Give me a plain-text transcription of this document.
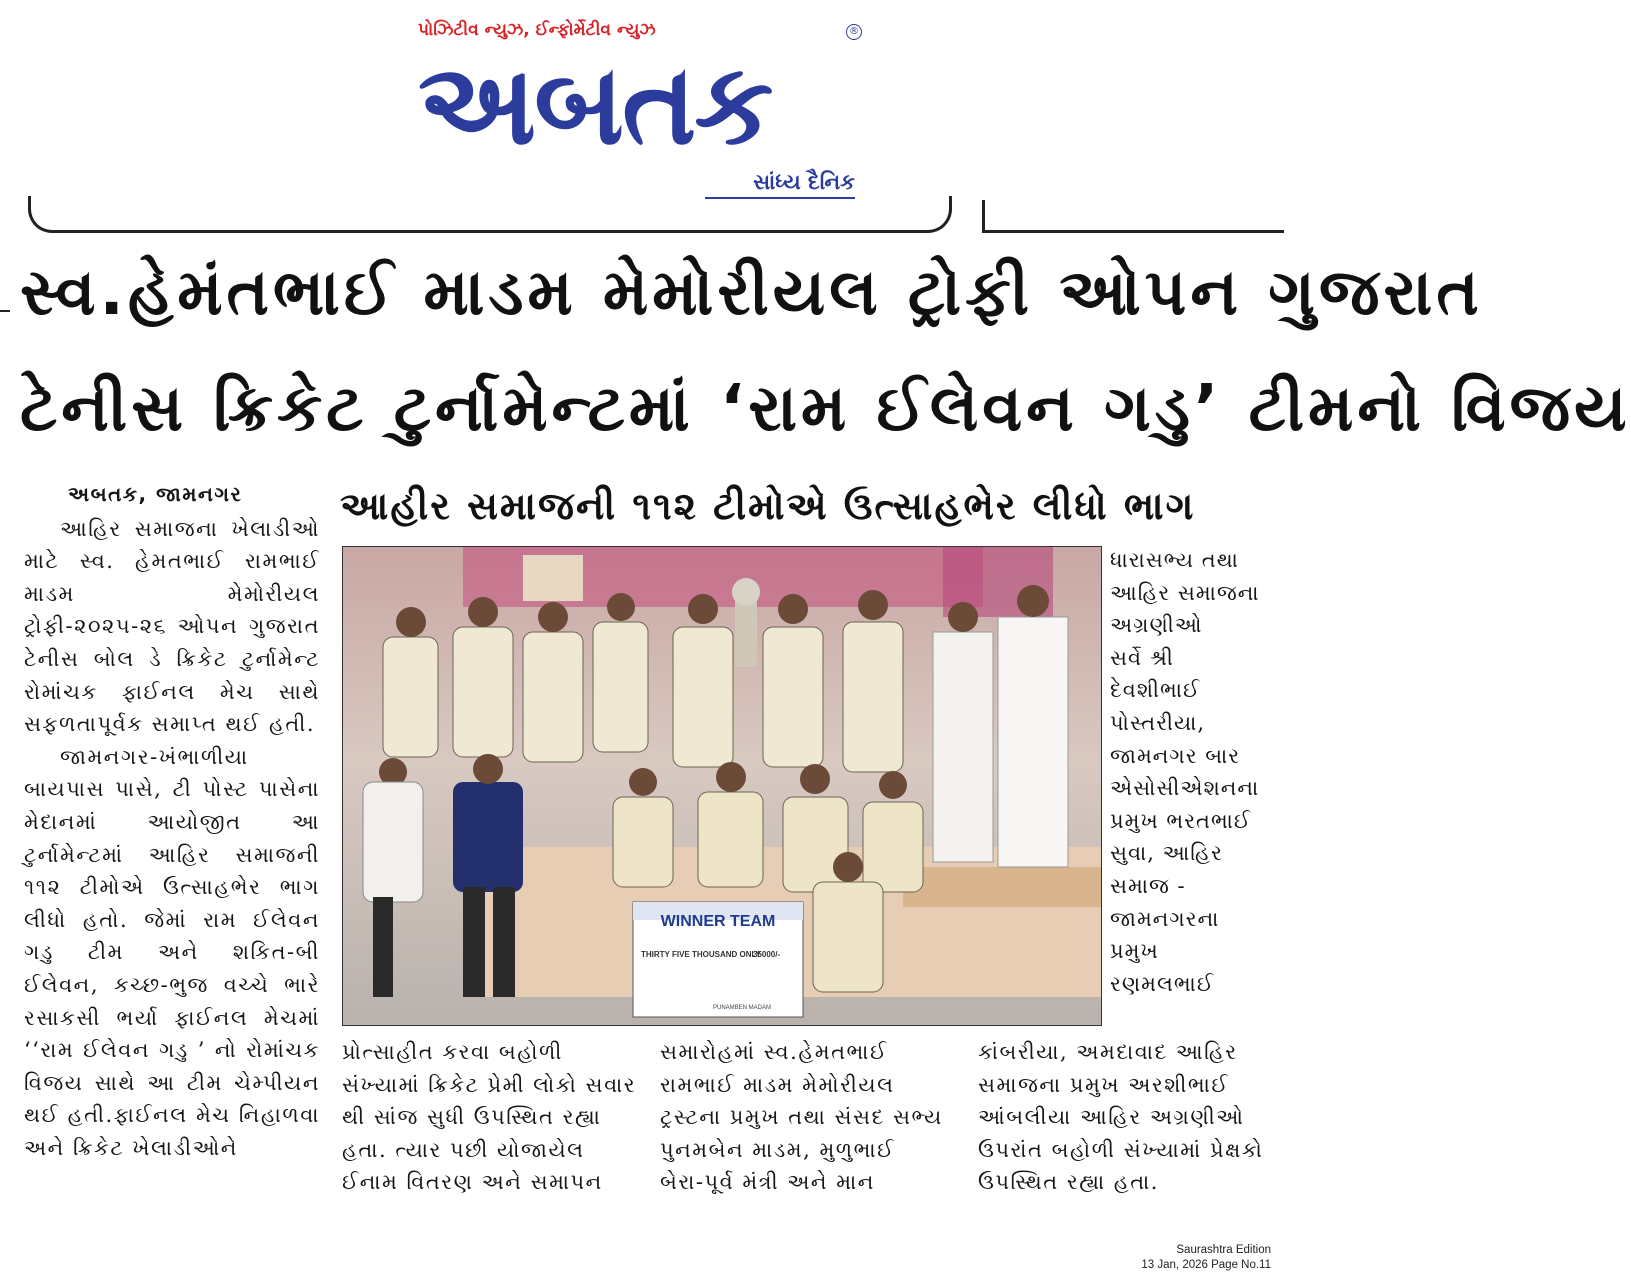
પોઝિટીવ ન્યુઝ, ઈન્ફોર્મેટીવ ન્યુઝ	®
અબતક
સાંધ્ય દૈનિક
સ્વ.હેમંતભાઈ માડમ મેમોરીયલ ટ્રોફી ઓપન ગુજરાત
ટેનીસ ક્રિકેટ ટુર્નામેન્ટમાં ‘રામ ઈલેવન ગડુ’ ટીમનો વિજય
આહીર સમાજની ૧૧૨ ટીમોએ ઉત્સાહભેર લીધો ભાગ
અબતક, જામનગર

આહિર સમાજના ખેલાડીઓ માટે સ્વ. હેમતભાઈ રામભાઈ માડમ મેમોરીયલ ટ્રોફી-૨૦૨૫-૨૬ ઓપન ગુજરાત ટેનીસ બોલ ડે ક્રિકેટ ટુર્નામેન્ટ રોમાંચક ફાઈનલ મેચ સાથે સફળતાપૂર્વક સમાપ્ત થઈ હતી.

જામનગર-ખંભાળીયા બાયપાસ પાસે, ટી પોસ્ટ પાસેના મેદાનમાં આયોજીત આ ટુર્નામેન્ટમાં આહિર સમાજની ૧૧૨ ટીમોએ ઉત્સાહભેર ભાગ લીધો હતો. જેમાં રામ ઈલેવન ગડુ ટીમ અને શકિત-બી ઈલેવન, કચ્છ-ભુજ વચ્ચે ભારે રસાકસી ભર્યા ફાઈનલ મેચમાં ‘‘રામ ઈલેવન ગડુ ’ નો રોમાંચક વિજય સાથે આ ટીમ ચેમ્પીયન થઈ હતી.ફાઈનલ મેચ નિહાળવા અને ક્રિકેટ ખેલાડીઓને

WINNER TEAM
THIRTY FIVE THOUSAND ONLY
35000/-
PUNAMBEN MADAM
ધારાસભ્ય તથા
આહિર સમાજના
અગ્રણીઓ
સર્વે શ્રી
દેવશીભાઈ
પોસ્તરીયા,
જામનગર બાર
એસોસીએશનના
પ્રમુખ ભરતભાઈ
સુવા, આહિર
સમાજ -
જામનગરના
પ્રમુખ
રણમલભાઈ
પ્રોત્સાહીત કરવા બહોળી
સંખ્યામાં ક્રિકેટ પ્રેમી લોકો સવાર
થી સાંજ સુધી ઉપસ્થિત રહ્યા
હતા. ત્યાર પછી યોજાયેલ
ઈનામ વિતરણ અને સમાપન
સમારોહમાં સ્વ.હેમતભાઈ
રામભાઈ માડમ મેમોરીયલ
ટ્રસ્ટના પ્રમુખ તથા સંસદ સભ્ય
પુનમબેન માડમ, મુળુભાઈ
બેરા-પૂર્વ મંત્રી અને માન
કાંબરીયા, અમદાવાદ આહિર
સમાજના પ્રમુખ અરશીભાઈ
આંબલીયા આહિર અગ્રણીઓ
ઉપરાંત બહોળી સંખ્યામાં પ્રેક્ષકો
ઉપસ્થિત રહ્યા હતા.
Saurashtra Edition
13 Jan, 2026 Page No.11
